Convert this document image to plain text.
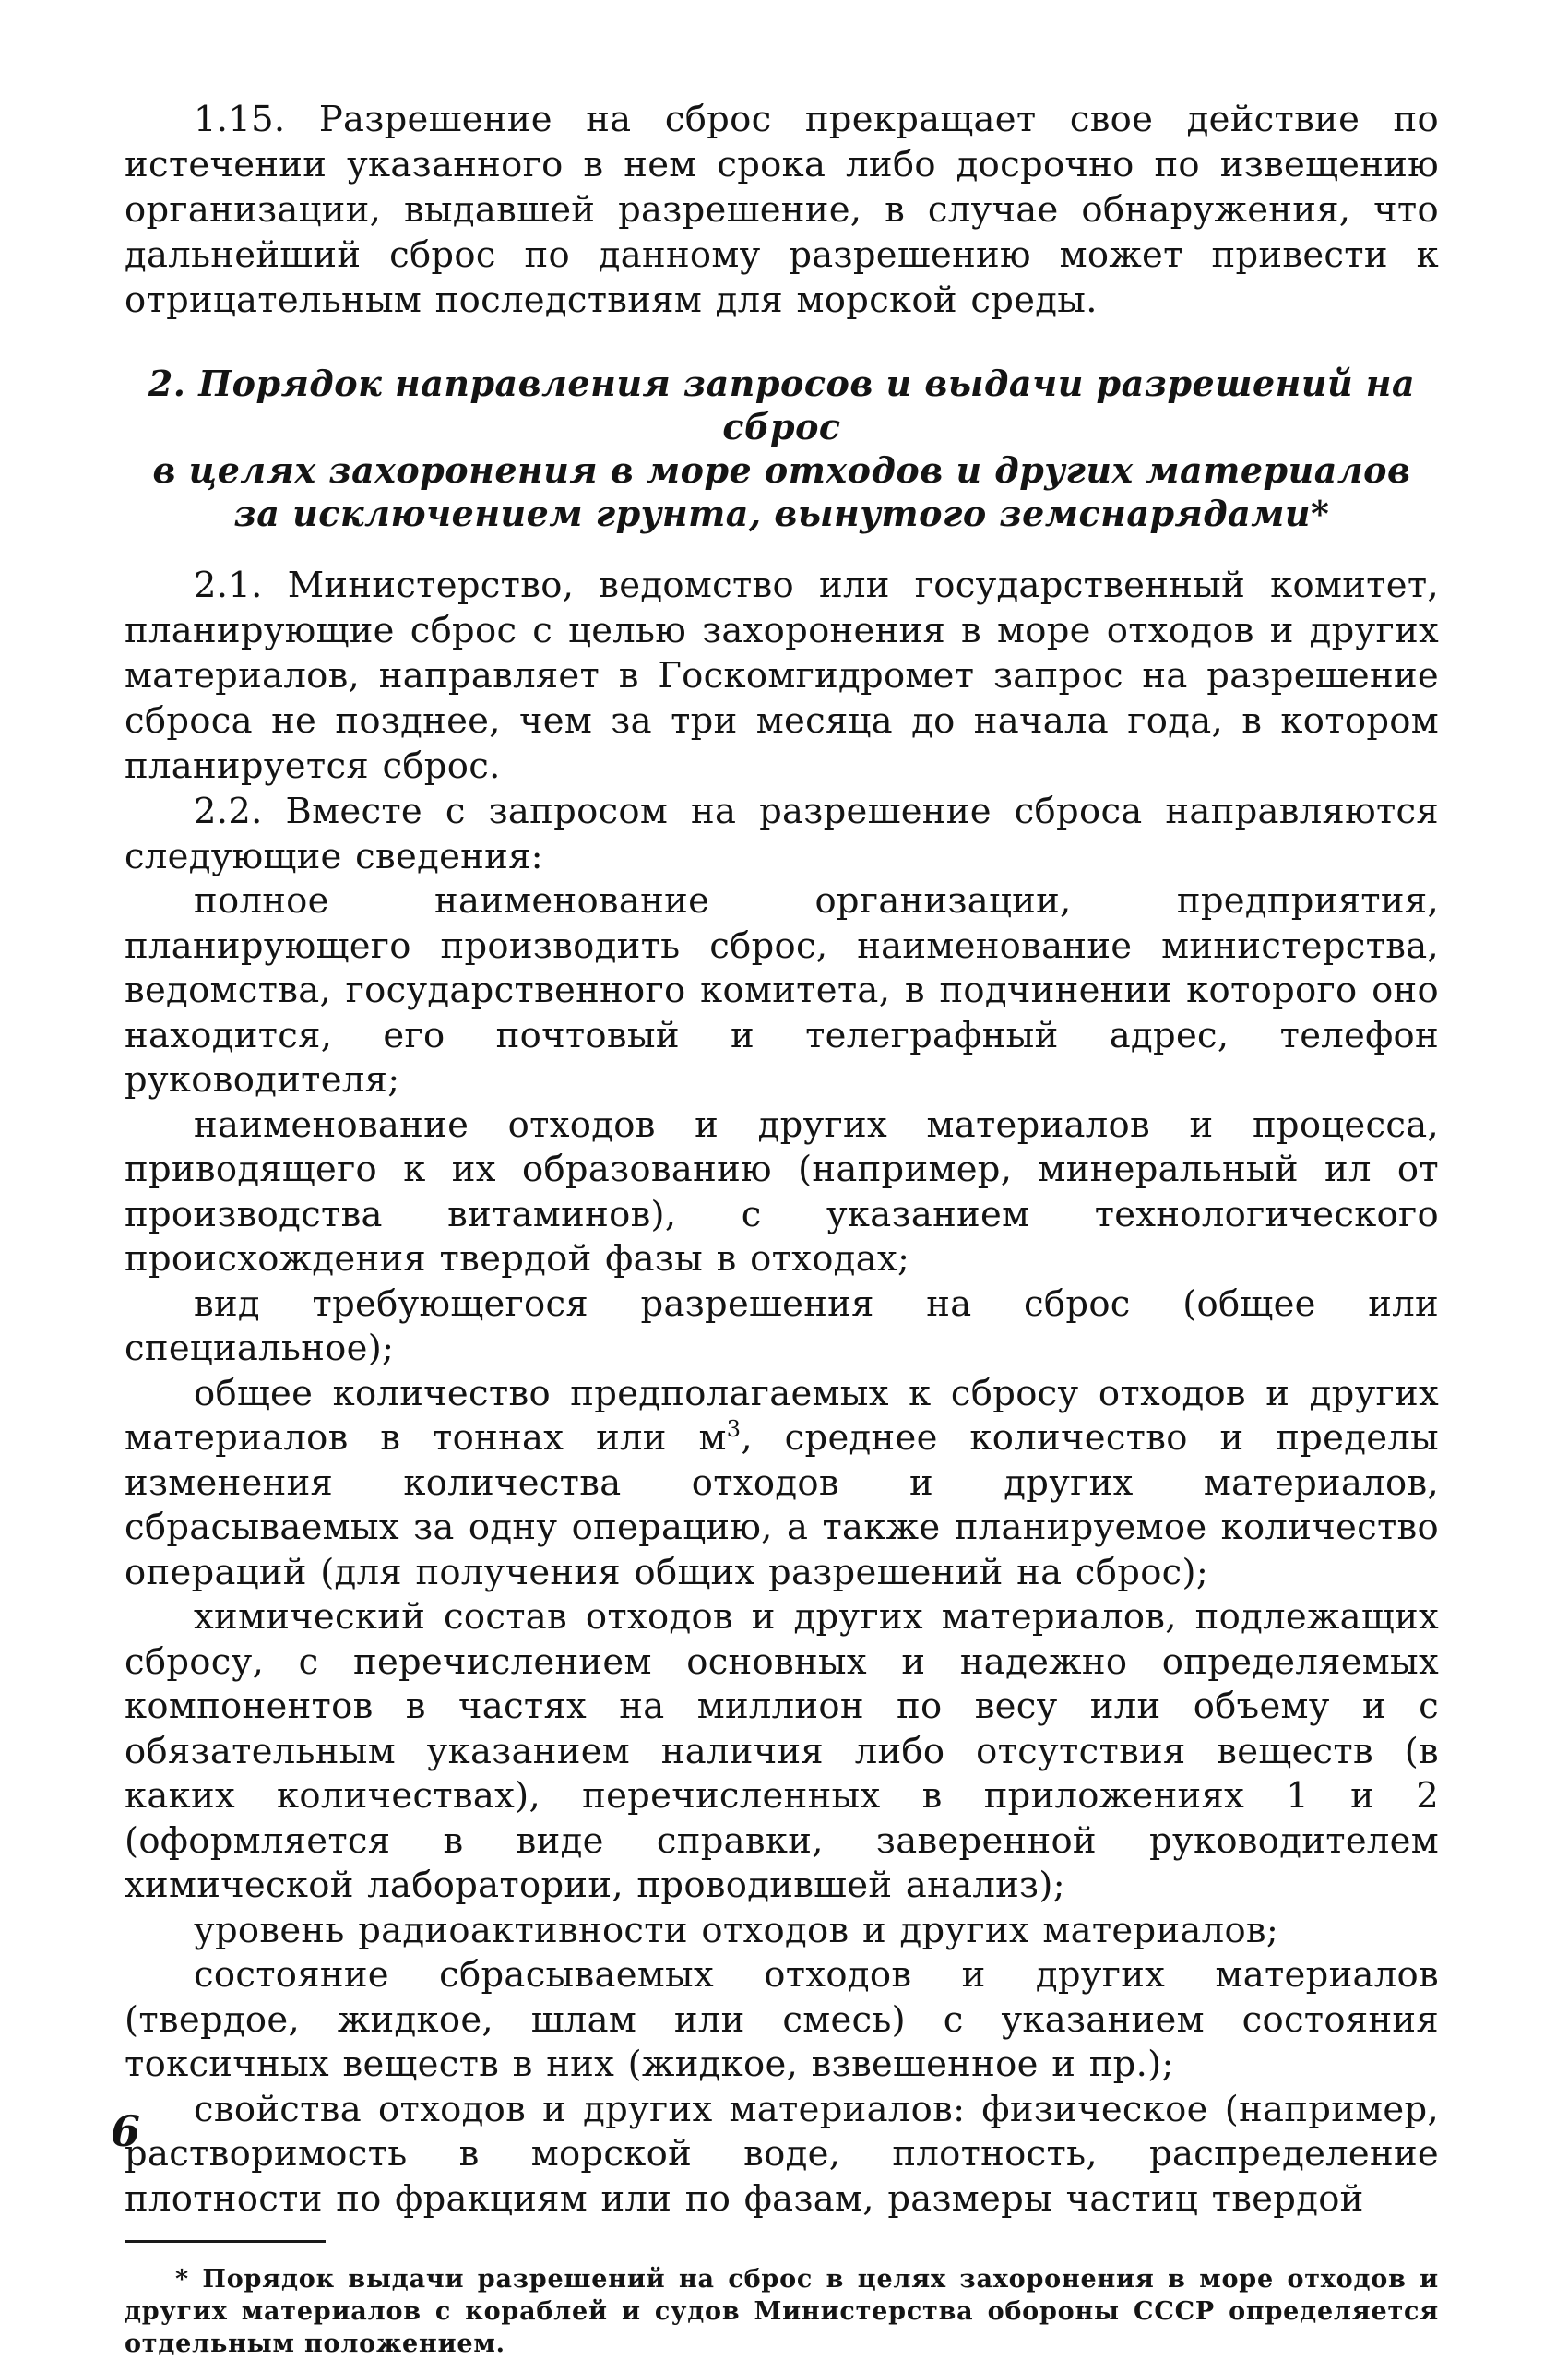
1.15. Разрешение на сброс прекращает свое действие по истечении указанного в нем срока либо досрочно по извещению организации, выдавшей разрешение, в случае обнаружения, что дальнейший сброс по данному разрешению может привести к отрицательным последствиям для морской среды.

2. Порядок направления запросов и выдачи разрешений на сброс
в целях захоронения в море отходов и других материалов
за исключением грунта, вынутого земснарядами*

2.1. Министерство, ведомство или государственный комитет, планирующие сброс с целью захоронения в море отходов и других материалов, направляет в Госкомгидромет запрос на разрешение сброса не позднее, чем за три месяца до начала года, в котором планируется сброс.

2.2. Вместе с запросом на разрешение сброса направляются следующие сведения:

полное наименование организации, предприятия, планирующего производить сброс, наименование министерства, ведомства, государственного комитета, в подчинении которого оно находится, его почтовый и телеграфный адрес, телефон руководителя;

наименование отходов и других материалов и процесса, приводящего к их образованию (например, минеральный ил от производства витаминов), с указанием технологического происхождения твердой фазы в отходах;

вид требующегося разрешения на сброс (общее или специальное);

общее количество предполагаемых к сбросу отходов и других материалов в тоннах или $м^3$, среднее количество и пределы изменения количества отходов и других материалов, сбрасываемых за одну операцию, а также планируемое количество операций (для получения общих разрешений на сброс);

химический состав отходов и других материалов, подлежащих сбросу, с перечислением основных и надежно определяемых компонентов в частях на миллион по весу или объему и с обязательным указанием наличия либо отсутствия веществ (в каких количествах), перечисленных в приложениях 1 и 2 (оформляется в виде справки, заверенной руководителем химической лаборатории, проводившей анализ);

уровень радиоактивности отходов и других материалов;

состояние сбрасываемых отходов и других материалов (твердое, жидкое, шлам или смесь) с указанием состояния токсичных веществ в них (жидкое, взвешенное и пр.);

свойства отходов и других материалов: физическое (например, растворимость в морской воде, плотность, распределение плотности по фракциям или по фазам, размеры частиц твердой

* Порядок выдачи разрешений на сброс в целях захоронения в море отходов и других материалов с кораблей и судов Министерства обороны СССР определяется отдельным положением.

6
